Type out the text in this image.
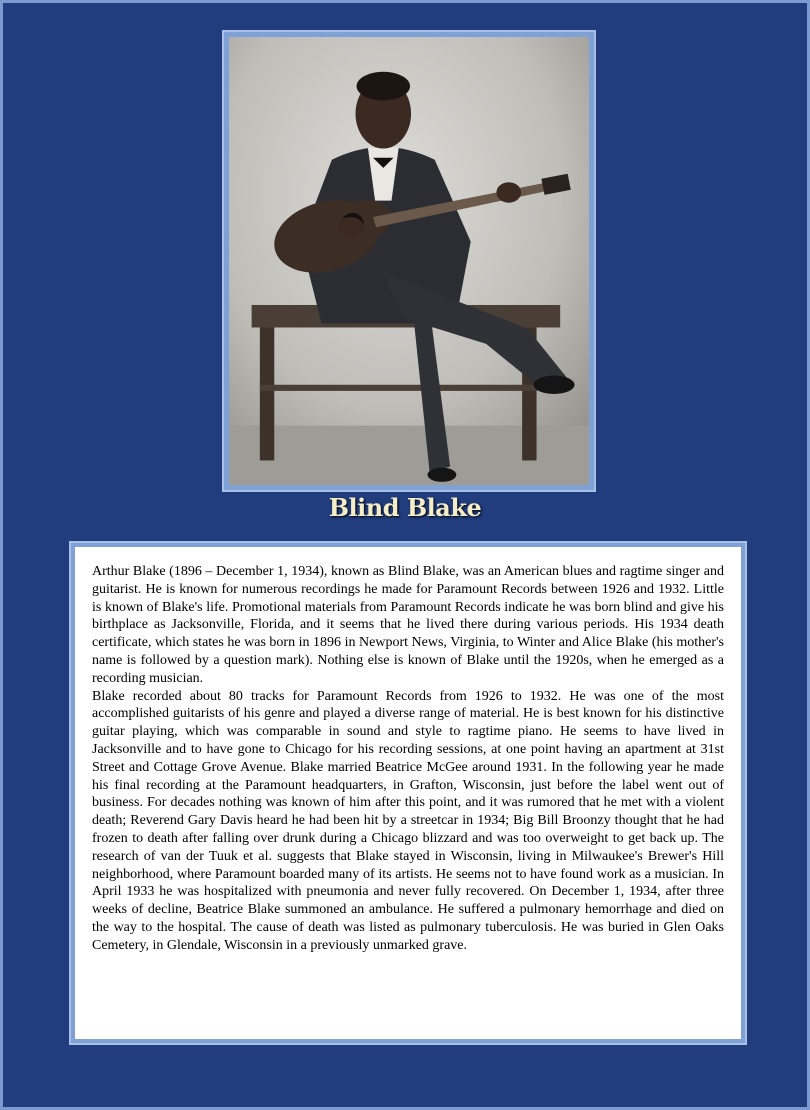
Blind Blake

Arthur Blake (1896 – December 1, 1934), known as Blind Blake, was an American blues and ragtime singer and guitarist. He is known for numerous recordings he made for Paramount Records between 1926 and 1932. Little is known of Blake's life. Promotional materials from Paramount Records indicate he was born blind and give his birthplace as Jacksonville, Florida, and it seems that he lived there during various periods. His 1934 death certificate, which states he was born in 1896 in Newport News, Virginia, to Winter and Alice Blake (his mother's name is followed by a question mark). Nothing else is known of Blake until the 1920s, when he emerged as a recording musician.

Blake recorded about 80 tracks for Paramount Records from 1926 to 1932. He was one of the most accomplished guitarists of his genre and played a diverse range of material. He is best known for his distinctive guitar playing, which was comparable in sound and style to ragtime piano. He seems to have lived in Jacksonville and to have gone to Chicago for his recording sessions, at one point having an apartment at 31st Street and Cottage Grove Avenue. Blake married Beatrice McGee around 1931. In the following year he made his final recording at the Paramount headquarters, in Grafton, Wisconsin, just before the label went out of business. For decades nothing was known of him after this point, and it was rumored that he met with a violent death; Reverend Gary Davis heard he had been hit by a streetcar in 1934; Big Bill Broonzy thought that he had frozen to death after falling over drunk during a Chicago blizzard and was too overweight to get back up. The research of van der Tuuk et al. suggests that Blake stayed in Wisconsin, living in Milwaukee's Brewer's Hill neighborhood, where Paramount boarded many of its artists. He seems not to have found work as a musician. In April 1933 he was hospitalized with pneumonia and never fully recovered. On December 1, 1934, after three weeks of decline, Beatrice Blake summoned an ambulance. He suffered a pulmonary hemorrhage and died on the way to the hospital. The cause of death was listed as pulmonary tuberculosis. He was buried in Glen Oaks Cemetery, in Glendale, Wisconsin in a previously unmarked grave.
